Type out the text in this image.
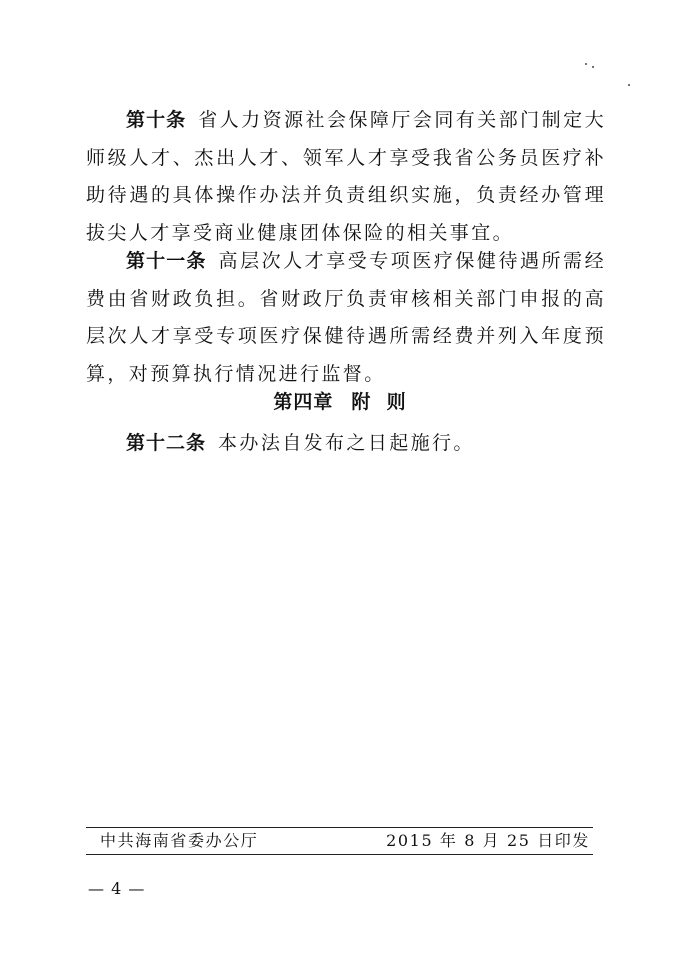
第十条 省人力资源社会保障厅会同有关部门制定大师级人才、杰出人才、领军人才享受我省公务员医疗补助待遇的具体操作办法并负责组织实施，负责经办管理拔尖人才享受商业健康团体保险的相关事宜。

第十一条 高层次人才享受专项医疗保健待遇所需经费由省财政负担。省财政厅负责审核相关部门申报的高层次人才享受专项医疗保健待遇所需经费并列入年度预算，对预算执行情况进行监督。

第四章 附  则

第十二条 本办法自发布之日起施行。

中共海南省委办公厅	2015 年 8 月 25 日印发
— 4 —
